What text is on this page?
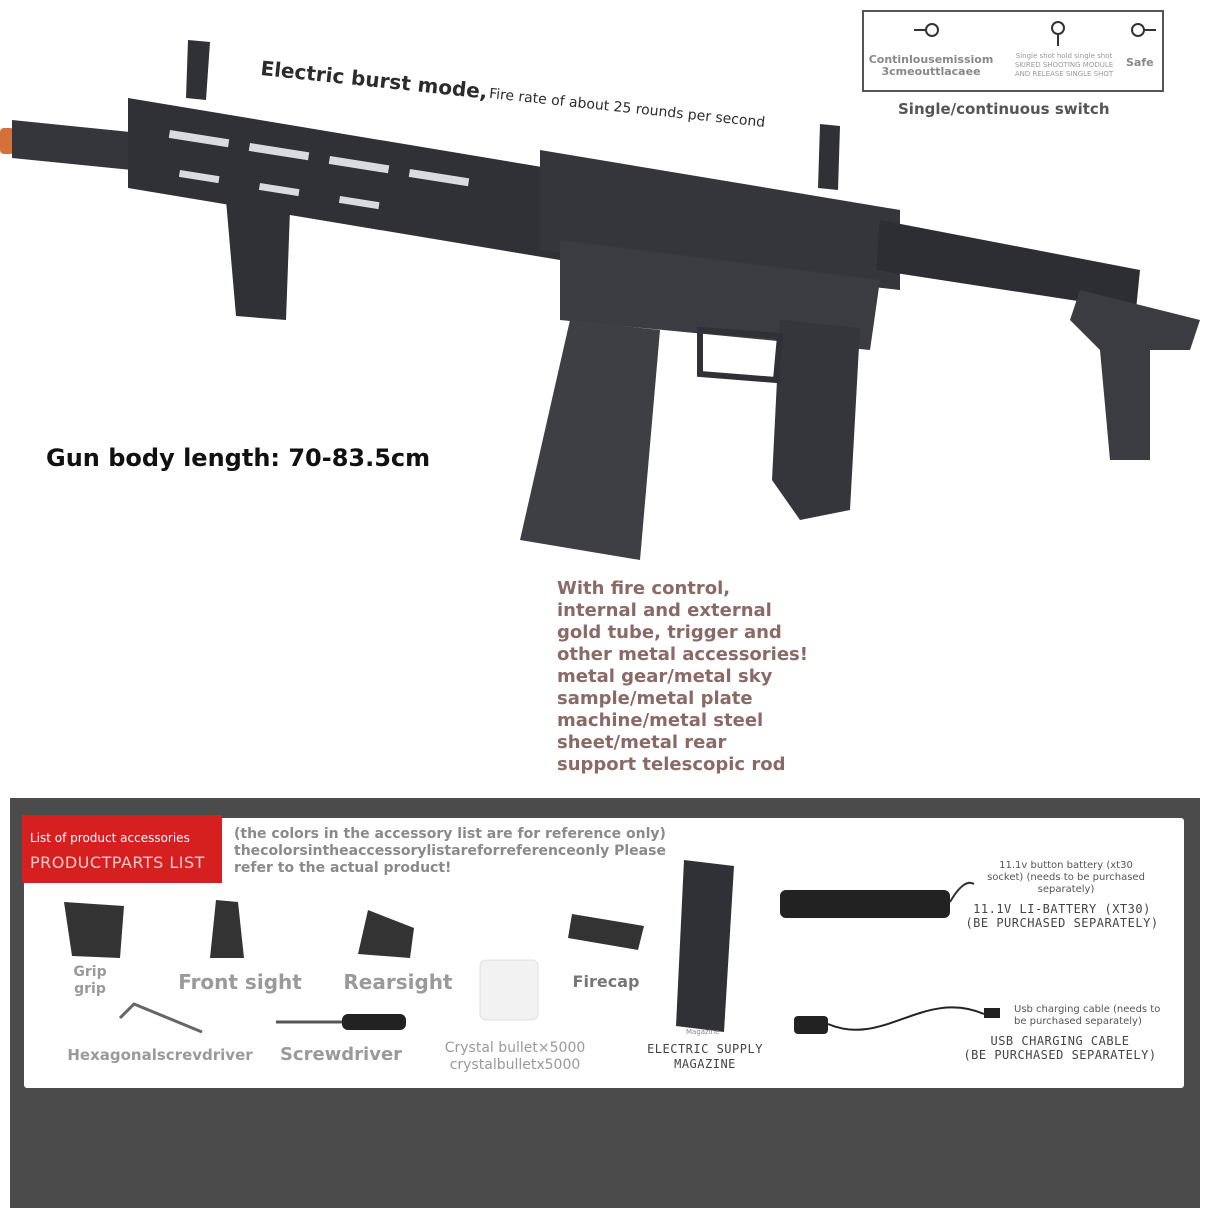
Electric burst mode,
Fire rate of about 25 rounds per second
Continlousemissiom
3cmeouttlacaee
Single shot hold single shot
SKIRED SHOOTING MODULE
AND RELEASE SINGLE SHOT
Safe
Single/continuous switch
Gun body length: 70-83.5cm
With fire control,
internal and external
gold tube, trigger and
other metal accessories!
metal gear/metal sky
sample/metal plate
machine/metal steel
sheet/metal rear
support telescopic rod
List of product accessories
PRODUCTPARTS LIST
(the colors in the accessory list are for reference only)
thecolorsintheaccessorylistareforreferenceonly Please
refer to the actual product!
Grip
grip	Front sight	Rearsight	Firecap
Hexagonalscrevdriver	Screwdriver	Crystal bullet×5000
crystalbulletx5000
Magazine
ELECTRIC SUPPLY
MAGAZINE
11.1v button battery (xt30
socket) (needs to be purchased
separately)
11.1V LI-BATTERY (XT30)
(BE PURCHASED SEPARATELY)
Usb charging cable (needs to
be purchased separately)
USB CHARGING CABLE
(BE PURCHASED SEPARATELY)
